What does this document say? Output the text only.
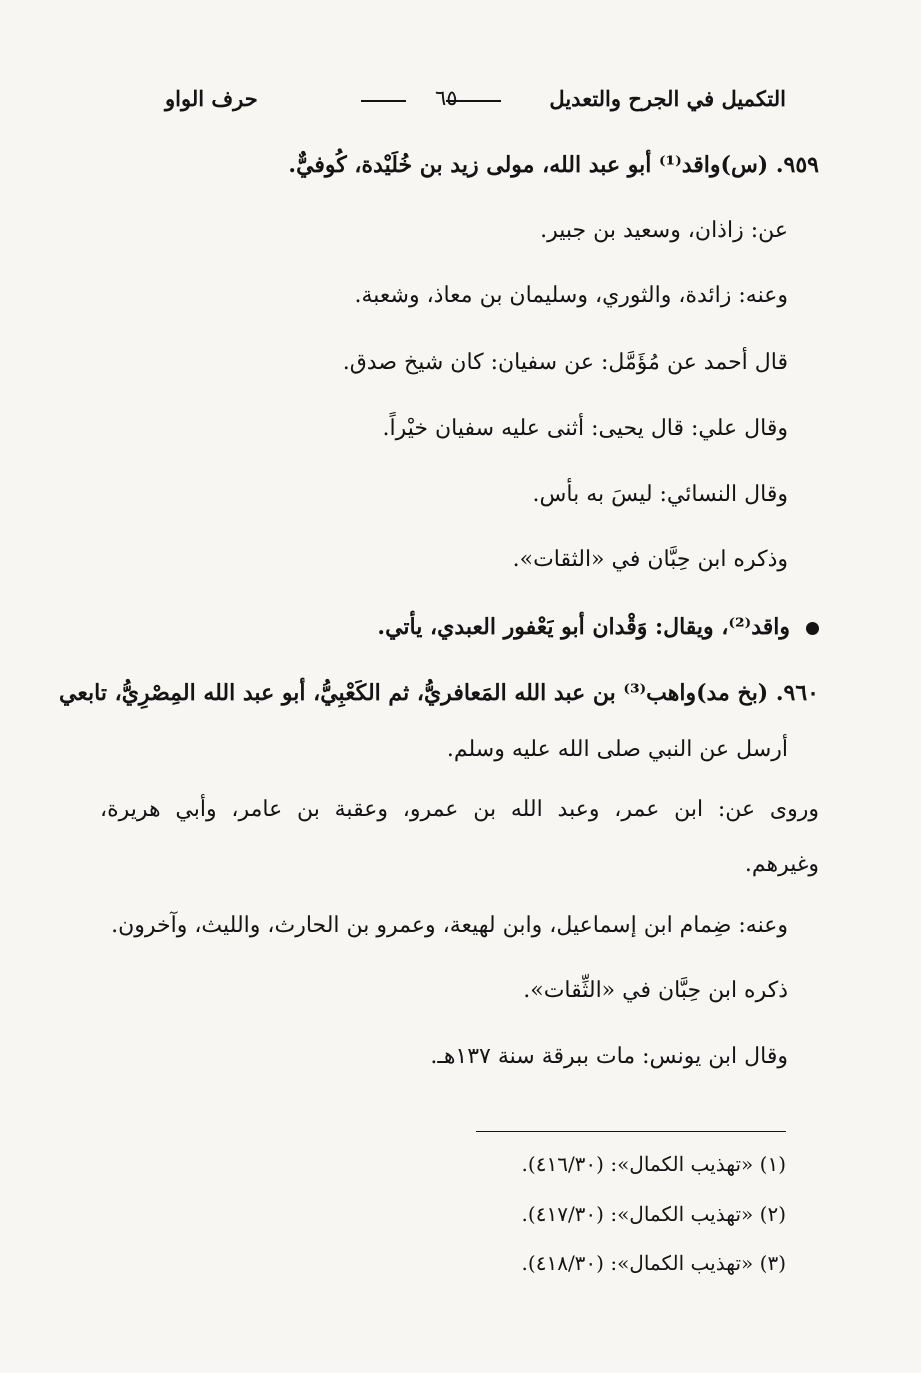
التكميل في الجرح والتعديل
٦٥
حرف الواو
٩٥٩. (س)واقد⁽¹⁾ أبو عبد الله، مولى زيد بن خُلَيْدة، كُوفيٌّ.
عن: زاذان، وسعيد بن جبير.
وعنه: زائدة، والثوري، وسليمان بن معاذ، وشعبة.
قال أحمد عن مُؤَمَّل: عن سفيان: كان شيخ صدق.
وقال علي: قال يحيى: أثنى عليه سفيان خيْراً.
وقال النسائي: ليسَ به بأس.
وذكره ابن حِبَّان في «الثقات».
واقد⁽²⁾، ويقال: وَقْدان أبو يَعْفور العبدي، يأتي.
٩٦٠. (بخ مد)واهب⁽³⁾ بن عبد الله المَعافريُّ، ثم الكَعْبِيُّ، أبو عبد الله المِصْرِيُّ، تابعي
أرسل عن النبي صلى الله عليه وسلم.
وروى عن: ابن عمر، وعبد الله بن عمرو، وعقبة بن عامر، وأبي هريرة،
وغيرهم.
وعنه: ضِمام ابن إسماعيل، وابن لهيعة، وعمرو بن الحارث، والليث، وآخرون.
ذكره ابن حِبَّان في «الثِّقات».
وقال ابن يونس: مات ببرقة سنة ١٣٧هـ.
(١) «تهذيب الكمال»: (٤١٦/٣٠).
(٢) «تهذيب الكمال»: (٤١٧/٣٠).
(٣) «تهذيب الكمال»: (٤١٨/٣٠).
